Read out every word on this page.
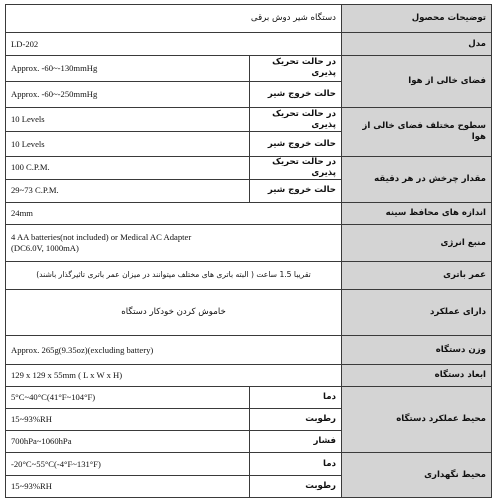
دستگاه شیر دوش برقی		توضیحات محصول
LD-202		مدل
Approx. -60~-130mmHg	در حالت تحریک پذیری	فضای خالی از هوا
Approx. -60~-250mmHg	حالت خروج شیر	
10 Levels	در حالت تحریک پذیری	سطوح مختلف فضای خالی از هوا
10 Levels	حالت خروج شیر	
100 C.P.M.	در حالت تحریک پذیری	مقدار چرخش در هر دقیقه
29~73 C.P.M.	حالت خروج شیر	
24mm		اندازه های محافظ سینه

4 AA batteries(not included) or Medical AC Adapter
(DC6.0V, 1000mA)		منبع انرژی
تقریبا 1.5 ساعت ( البته باتری های مختلف میتوانند در میزان عمر باتری تاثیرگذار باشند)		عمر باتری
خاموش کردن خودکار دستگاه		دارای عملکرد
Approx. 265g(9.35oz)(excluding battery)		وزن دستگاه
129 x 129 x 55mm ( L x W x H)		ابعاد دستگاه
5°C~40°C(41°F~104°F)	دما	محیط عملکرد دستگاه
15~93%RH	رطوبت	
700hPa~1060hPa	فشار	
-20°C~55°C(-4°F~131°F)	دما	محیط نگهداری
15~93%RH	رطوبت	
